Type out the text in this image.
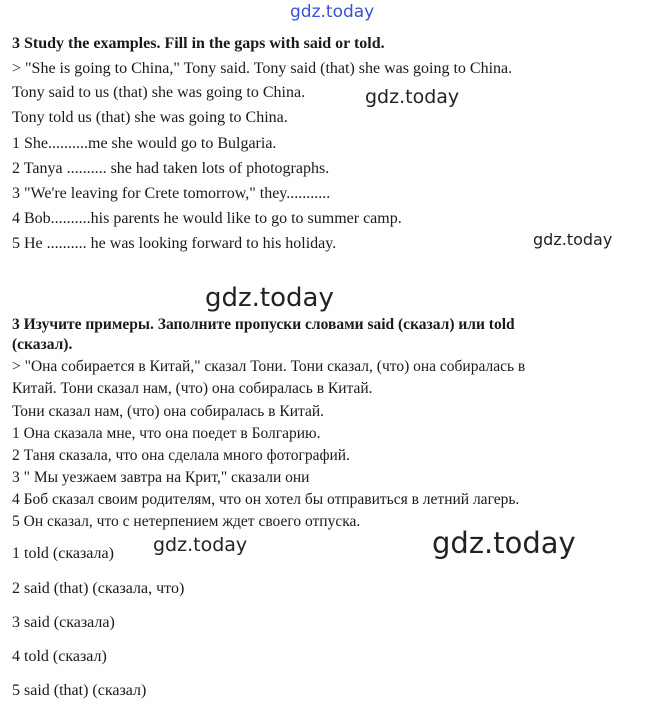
gdz.today
gdz.today
gdz.today
gdz.today
gdz.today	gdz.today
3 Study the examples. Fill in the gaps with said or told.
> "She is going to China," Tony said. Tony said (that) she was going to China.
Tony said to us (that) she was going to China.
Tony told us (that) she was going to China.
1 She..........me she would go to Bulgaria.
2 Tanya .......... she had taken lots of photographs.
3 "We're leaving for Crete tomorrow," they...........
4 Bob..........his parents he would like to go to summer camp.
5 He .......... he was looking forward to his holiday.
3 Изучите примеры. Заполните пропуски словами said (сказал) или told
(сказал).
> "Она собирается в Китай," сказал Тони. Тони сказал, (что) она собиралась в
Китай. Тони сказал нам, (что) она собиралась в Китай.
Тони сказал нам, (что) она собиралась в Китай.
1 Она сказала мне, что она поедет в Болгарию.
2 Таня сказала, что она сделала много фотографий.
3 " Мы уезжаем завтра на Крит," сказали они
4 Боб сказал своим родителям, что он хотел бы отправиться в летний лагерь.
5 Он сказал, что с нетерпением ждет своего отпуска.
1 told (сказала)
2 said (that) (сказала, что)
3 said (сказала)
4 told (сказал)
5 said (that) (сказал)
